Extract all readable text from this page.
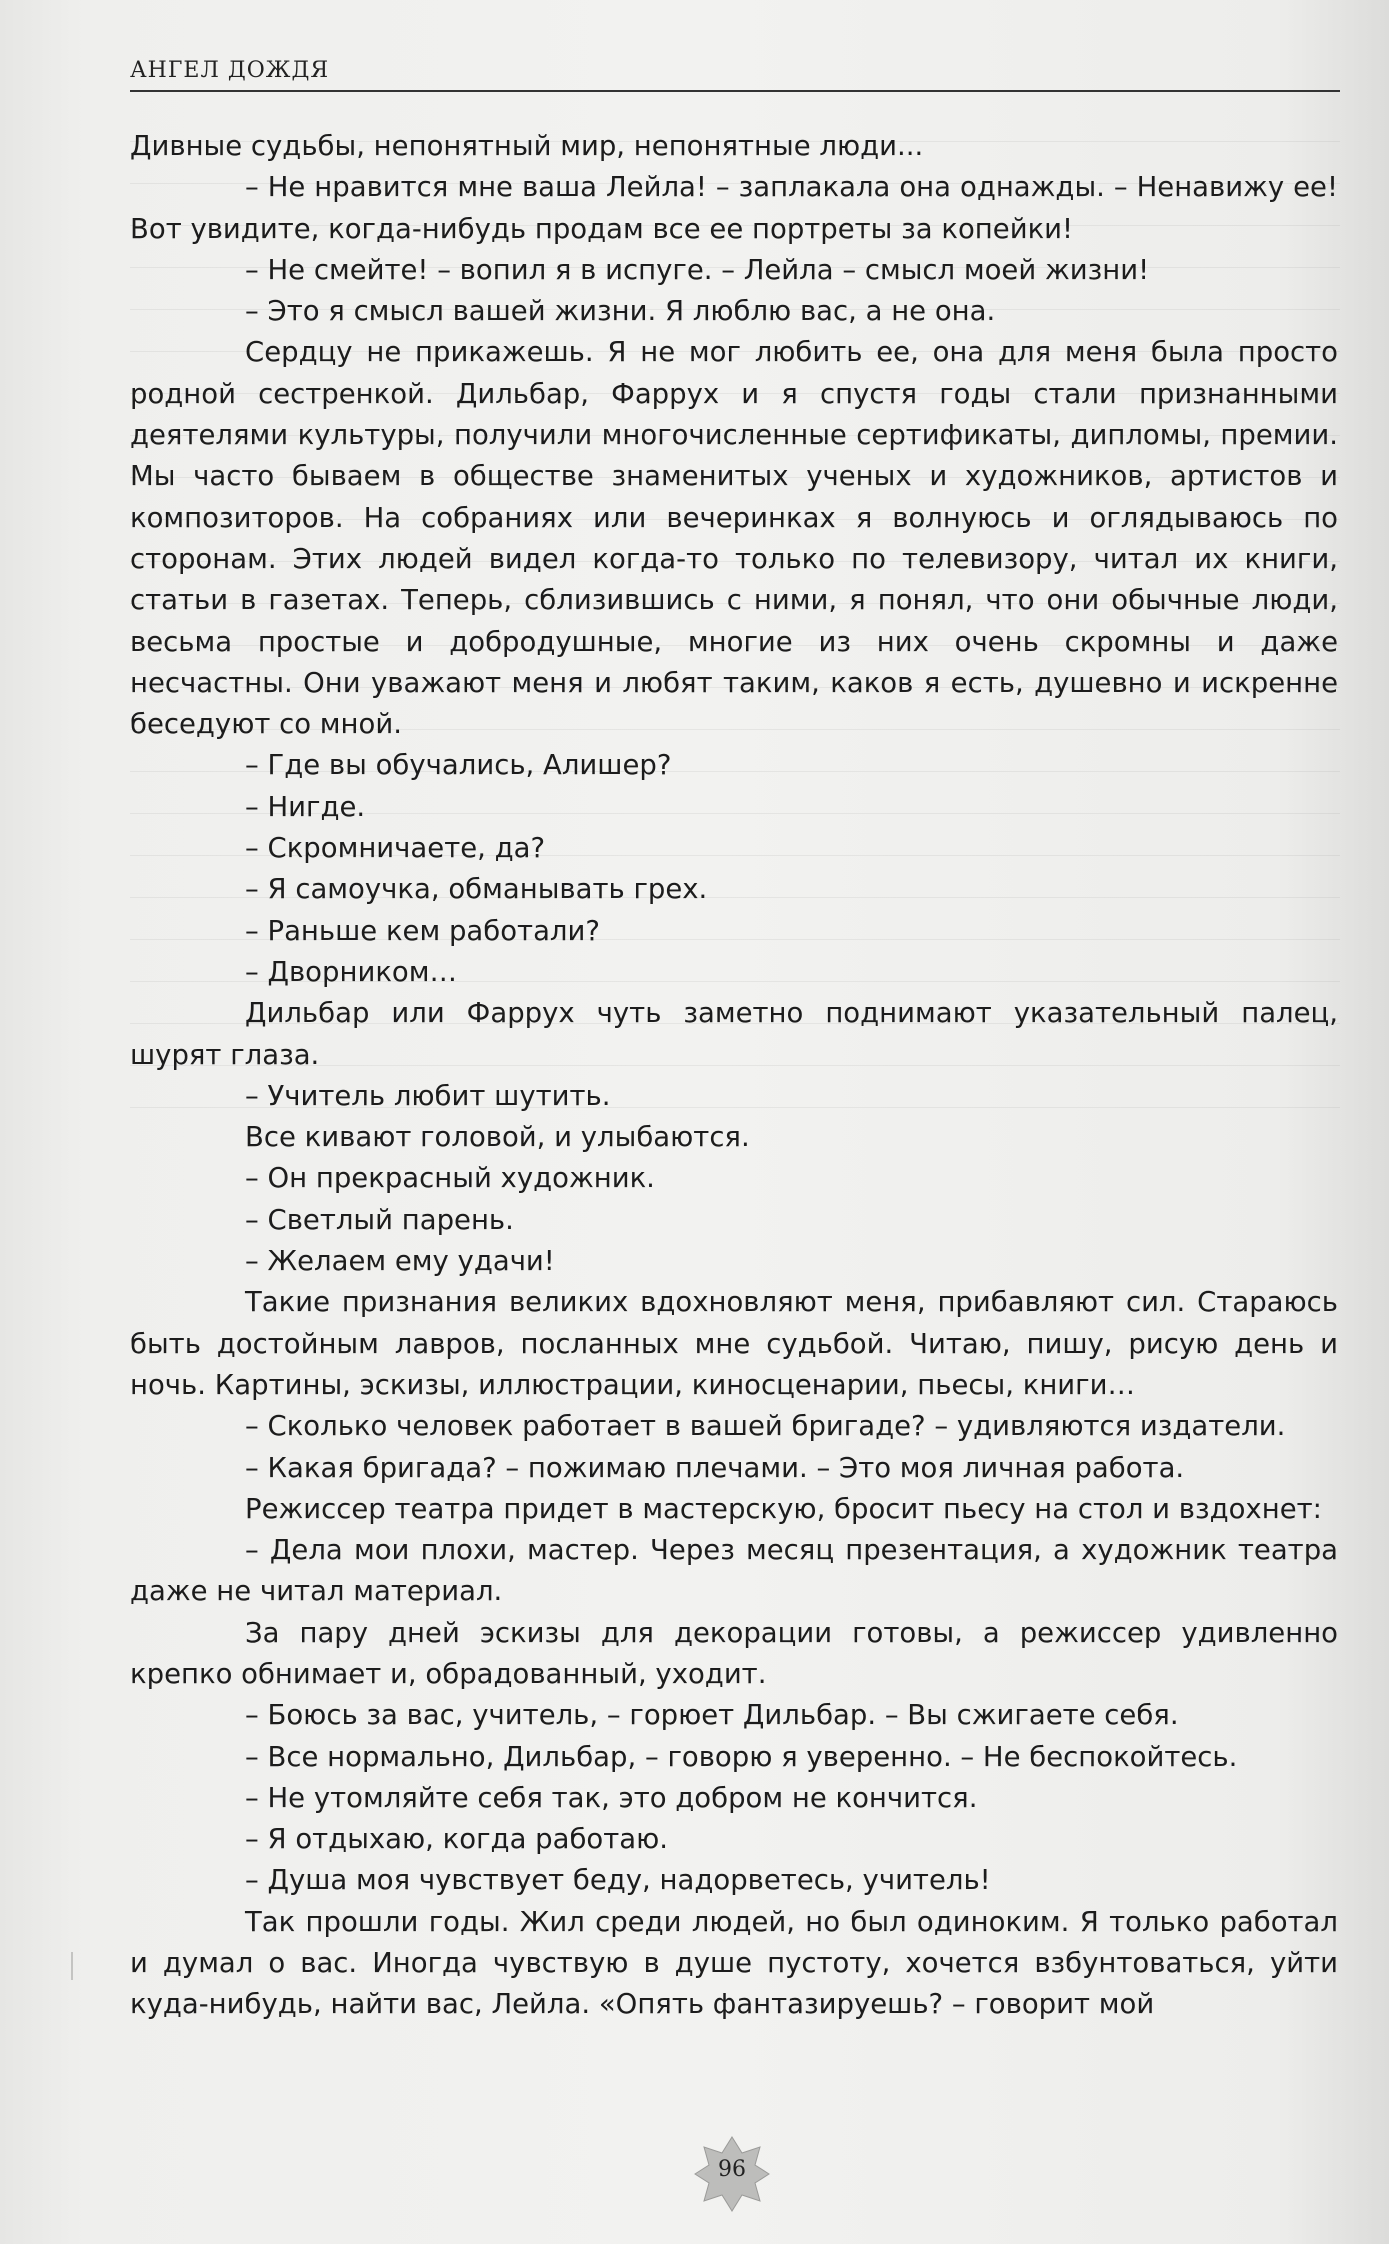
АНГЕЛ ДОЖДЯ

Дивные судьбы, непонятный мир, непонятные люди...

– Не нравится мне ваша Лейла! – заплакала она однажды. – Ненавижу ее! Вот увидите, когда-нибудь продам все ее портреты за копейки!

– Не смейте! – вопил я в испуге. – Лейла – смысл моей жизни!

– Это я смысл вашей жизни. Я люблю вас, а не она.

Сердцу не прикажешь. Я не мог любить ее, она для меня была просто родной сестренкой. Дильбар, Фаррух и я спустя годы стали признанными деятелями культуры, получили многочисленные сертификаты, дипломы, премии. Мы часто бываем в обществе знаменитых ученых и художников, артистов и композиторов. На собраниях или вечеринках я волнуюсь и оглядываюсь по сторонам. Этих людей видел когда-то только по телевизору, читал их книги, статьи в газетах. Теперь, сблизившись с ними, я понял, что они обычные люди, весьма простые и добродушные, многие из них очень скромны и даже несчастны. Они уважают меня и любят таким, каков я есть, душевно и искренне беседуют со мной.

– Где вы обучались, Алишер?

– Нигде.

– Скромничаете, да?

– Я самоучка, обманывать грех.

– Раньше кем работали?

– Дворником…

Дильбар или Фаррух чуть заметно поднимают указательный палец, шурят глаза.

– Учитель любит шутить.

Все кивают головой, и улыбаются.

– Он прекрасный художник.

– Светлый парень.

– Желаем ему удачи!

Такие признания великих вдохновляют меня, прибавляют сил. Стараюсь быть достойным лавров, посланных мне судьбой. Читаю, пишу, рисую день и ночь. Картины, эскизы, иллюстрации, киносценарии, пьесы, книги…

– Сколько человек работает в вашей бригаде? – удивляются издатели.

– Какая бригада? – пожимаю плечами. – Это моя личная работа.

Режиссер театра придет в мастерскую, бросит пьесу на стол и вздохнет:

– Дела мои плохи, мастер. Через месяц презентация, а художник театра даже не читал материал.

За пару дней эскизы для декорации готовы, а режиссер удивленно крепко обнимает и, обрадованный, уходит.

– Боюсь за вас, учитель, – горюет Дильбар. – Вы сжигаете себя.

– Все нормально, Дильбар, – говорю я уверенно. – Не беспокойтесь.

– Не утомляйте себя так, это добром не кончится.

– Я отдыхаю, когда работаю.

– Душа моя чувствует беду, надорветесь, учитель!

Так прошли годы. Жил среди людей, но был одиноким. Я только работал и думал о вас. Иногда чувствую в душе пустоту, хочется взбунтоваться, уйти куда-нибудь, найти вас, Лейла. «Опять фантазируешь? – говорит мой

96
